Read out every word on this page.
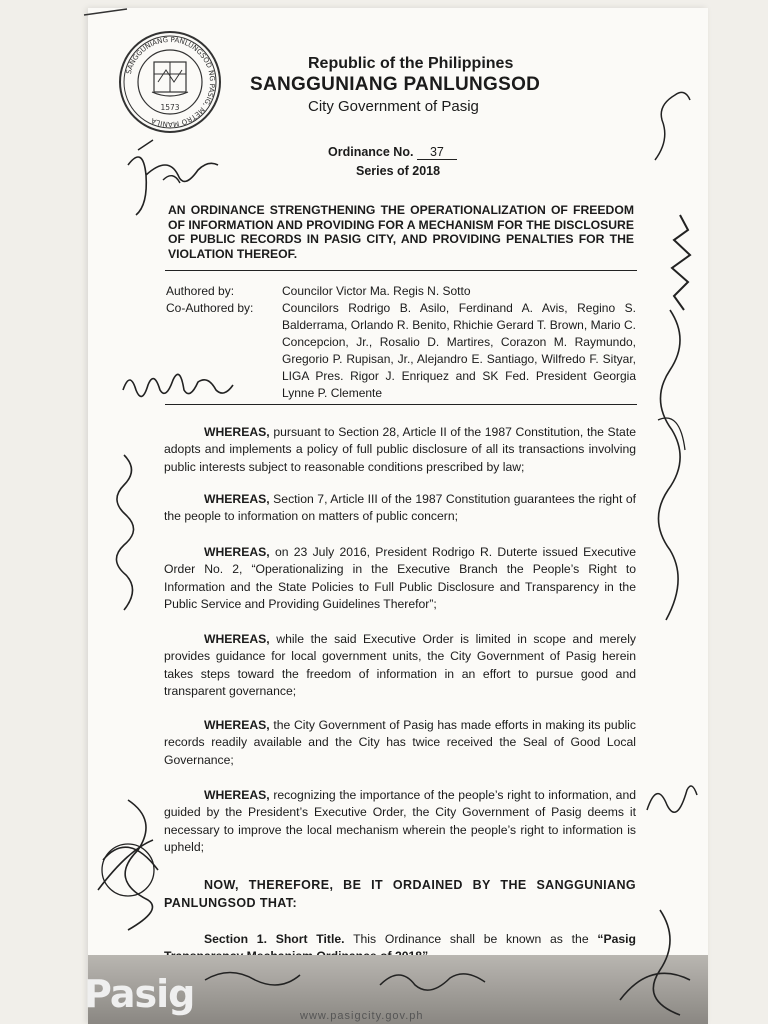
SANGGUNIANG PANLUNGSOD NG PASIG, METRO MANILA
1573
Republic of the Philippines
SANGGUNIANG PANLUNGSOD
City Government of Pasig
Ordinance No. 37
Series of 2018
AN ORDINANCE STRENGTHENING THE OPERATIONALIZATION OF FREEDOM OF INFORMATION AND PROVIDING FOR A MECHANISM FOR THE DISCLOSURE OF PUBLIC RECORDS IN PASIG CITY, AND PROVIDING PENALTIES FOR THE VIOLATION THEREOF.
Authored by:	Councilor Victor Ma. Regis N. Sotto
Co-Authored by:	Councilors Rodrigo B. Asilo, Ferdinand A. Avis, Regino S. Balderrama, Orlando R. Benito, Rhichie Gerard T. Brown, Mario C. Concepcion, Jr., Rosalio D. Martires, Corazon M. Raymundo, Gregorio P. Rupisan, Jr., Alejandro E. Santiago, Wilfredo F. Sityar, LIGA Pres. Rigor J. Enriquez and SK Fed. President Georgia Lynne P. Clemente
WHEREAS, pursuant to Section 28, Article II of the 1987 Constitution, the State adopts and implements a policy of full public disclosure of all its transactions involving public interests subject to reasonable conditions prescribed by law;
WHEREAS, Section 7, Article III of the 1987 Constitution guarantees the right of the people to information on matters of public concern;
WHEREAS, on 23 July 2016, President Rodrigo R. Duterte issued Executive Order No. 2, “Operationalizing in the Executive Branch the People’s Right to Information and the State Policies to Full Public Disclosure and Transparency in the Public Service and Providing Guidelines Therefor”;
WHEREAS, while the said Executive Order is limited in scope and merely provides guidance for local government units, the City Government of Pasig herein takes steps toward the freedom of information in an effort to pursue good and transparent governance;
WHEREAS, the City Government of Pasig has made efforts in making its public records readily available and the City has twice received the Seal of Good Local Governance;
WHEREAS, recognizing the importance of the people’s right to information, and guided by the President’s Executive Order, the City Government of Pasig deems it necessary to improve the local mechanism wherein the people’s right to information is upheld;
NOW, THEREFORE, BE IT ORDAINED BY THE SANGGUNIANG PANLUNGSOD THAT:
Section 1. Short Title. This Ordinance shall be known as the “Pasig
Pasig	www.pasigcity.gov.ph
